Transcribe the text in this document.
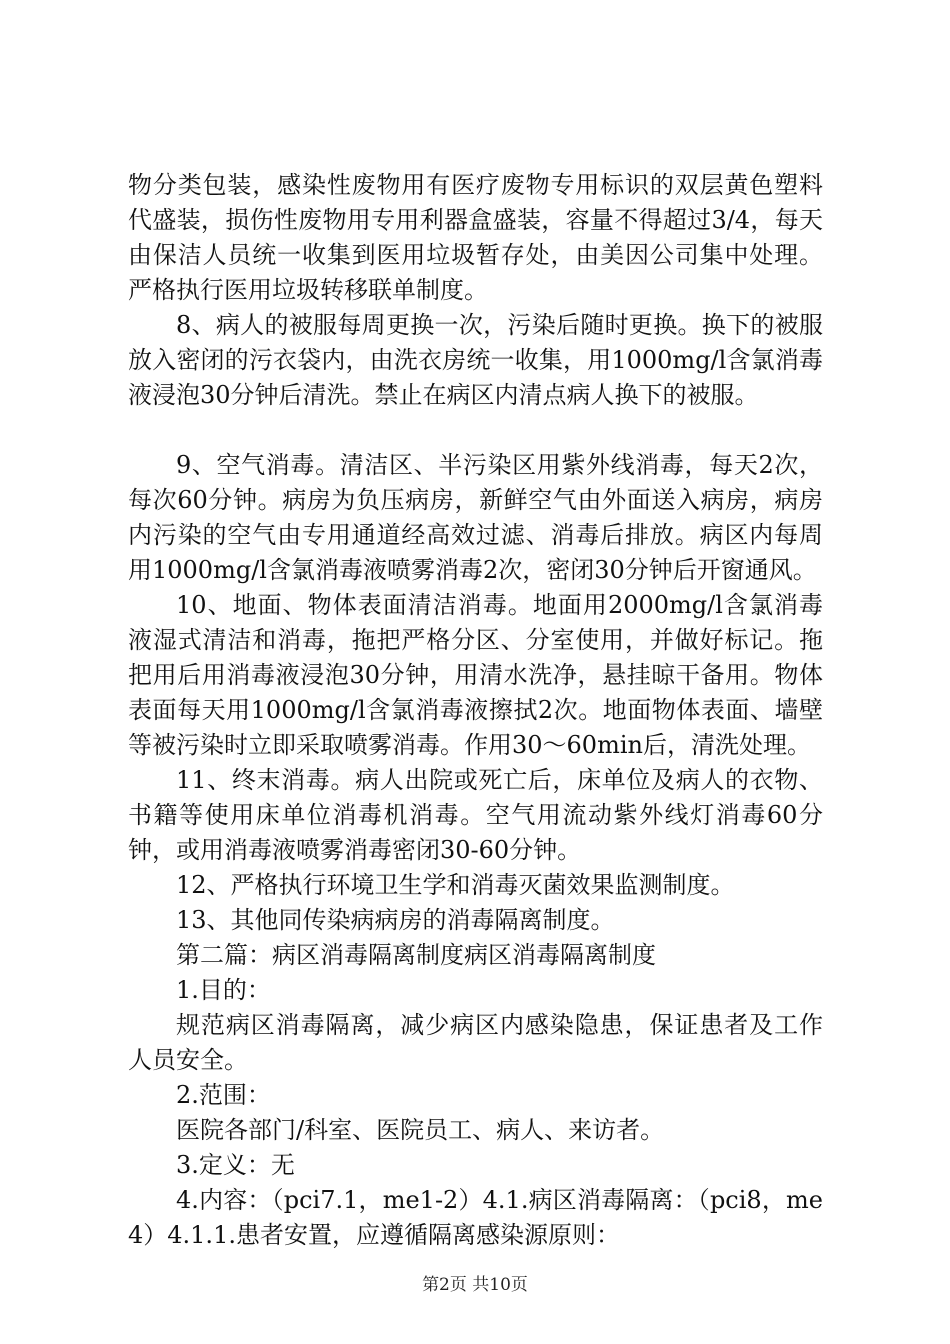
物分类包装，感染性废物用有医疗废物专用标识的双层黄色塑料代盛装，损伤性废物用专用利器盒盛装，容量不得超过3/4，每天由保洁人员统一收集到医用垃圾暂存处，由美因公司集中处理。严格执行医用垃圾转移联单制度。

8、病人的被服每周更换一次，污染后随时更换。换下的被服放入密闭的污衣袋内，由洗衣房统一收集，用1000mg/l含氯消毒液浸泡30分钟后清洗。禁止在病区内清点病人换下的被服。

9、空气消毒。清洁区、半污染区用紫外线消毒，每天2次，每次60分钟。病房为负压病房，新鲜空气由外面送入病房，病房内污染的空气由专用通道经高效过滤、消毒后排放。病区内每周用1000mg/l含氯消毒液喷雾消毒2次，密闭30分钟后开窗通风。

10、地面、物体表面清洁消毒。地面用2000mg/l含氯消毒液湿式清洁和消毒，拖把严格分区、分室使用，并做好标记。拖把用后用消毒液浸泡30分钟，用清水洗净，悬挂晾干备用。物体表面每天用1000mg/l含氯消毒液擦拭2次。地面物体表面、墙壁等被污染时立即采取喷雾消毒。作用30～60min后，清洗处理。

11、终末消毒。病人出院或死亡后，床单位及病人的衣物、书籍等使用床单位消毒机消毒。空气用流动紫外线灯消毒60分钟，或用消毒液喷雾消毒密闭30-60分钟。

12、严格执行环境卫生学和消毒灭菌效果监测制度。

13、其他同传染病病房的消毒隔离制度。

第二篇：病区消毒隔离制度病区消毒隔离制度

1.目的：

规范病区消毒隔离，减少病区内感染隐患，保证患者及工作人员安全。

2.范围：

医院各部门/科室、医院员工、病人、来访者。

3.定义：无

4.内容：（pci7.1，me1-2）4.1.病区消毒隔离：（pci8，me4）4.1.1.患者安置，应遵循隔离感染源原则：

第2页 共10页
